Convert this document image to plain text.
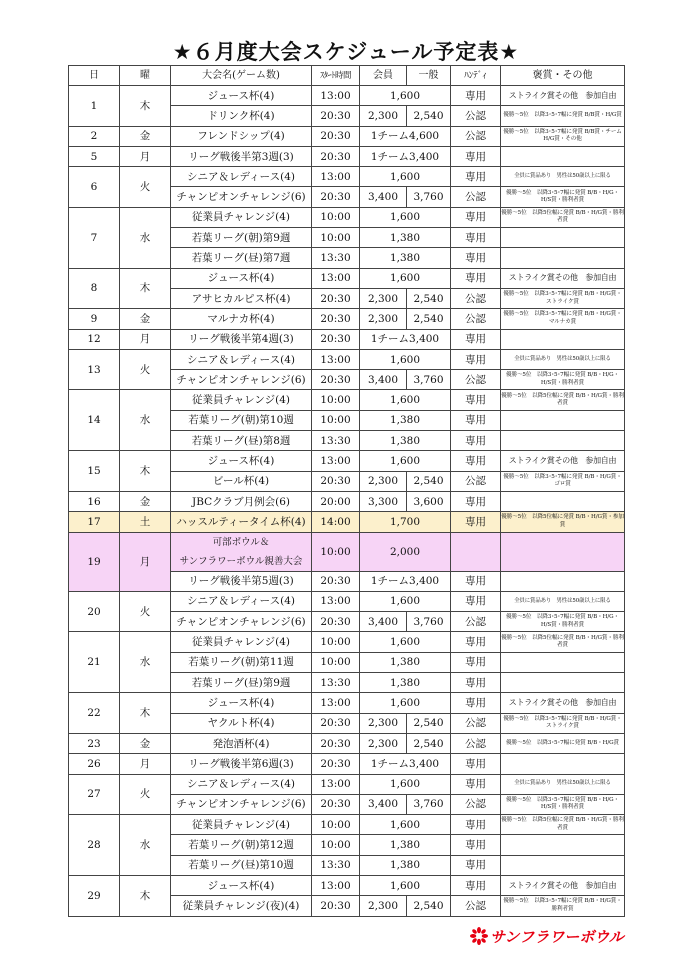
★６月度大会スケジュール予定表★
日	曜	大会名(ゲーム数)	ｽﾀｰﾄ時間	会員	一般	ﾊﾝﾃﾞｨ	褒賞・その他
1	木	ジュース杯(4)	13:00	1,600		専用	ストライク賞その他　参加自由
		ドリンク杯(4)	20:30	2,300	2,540	公認	優勝～5位　以降3･5･7幅に発賞 B/B賞・H/G賞
2	金	フレンドシップ(4)	20:30	1チーム4,600		公認	優勝～5位　以降3･5･7幅に発賞 B/B賞・チームH/G賞・その他
5	月	リーグ戦後半第3週(3)	20:30	1チーム3,400		専用	
6	火	シニア＆レディース(4)	13:00	1,600		専用	全員に賞品あり　男性は50歳以上に限る
		チャンピオンチャレンジ(6)	20:30	3,400	3,760	公認	優勝～5位　以降3･5･7幅に発賞 B/B・H/G・H/S賞・勝利者賞
7	水	従業員チャレンジ(4)	10:00	1,600		専用	優勝～5位　以降5位幅に発賞 B/B・H/G賞・勝利者賞
		若葉リーグ(朝)第9週	10:00	1,380		専用	
		若葉リーグ(昼)第7週	13:30	1,380		専用	
8	木	ジュース杯(4)	13:00	1,600		専用	ストライク賞その他　参加自由
		アサヒカルピス杯(4)	20:30	2,300	2,540	公認	優勝～5位　以降3･5･7幅に発賞 B/B・H/G賞・ストライク賞
9	金	マルナカ杯(4)	20:30	2,300	2,540	公認	優勝～5位　以降3･5･7幅に発賞 B/B・H/G賞・マルナカ賞
12	月	リーグ戦後半第4週(3)	20:30	1チーム3,400		専用	
13	火	シニア＆レディース(4)	13:00	1,600		専用	全員に賞品あり　男性は50歳以上に限る
		チャンピオンチャレンジ(6)	20:30	3,400	3,760	公認	優勝～5位　以降3･5･7幅に発賞 B/B・H/G・H/S賞・勝利者賞
14	水	従業員チャレンジ(4)	10:00	1,600		専用	優勝～5位　以降5位幅に発賞 B/B・H/G賞・勝利者賞
		若葉リーグ(朝)第10週	10:00	1,380		専用	
		若葉リーグ(昼)第8週	13:30	1,380		専用	
15	木	ジュース杯(4)	13:00	1,600		専用	ストライク賞その他　参加自由
		ビール杯(4)	20:30	2,300	2,540	公認	優勝～5位　以降3･5･7幅に発賞 B/B・H/G賞・ゴロ賞
16	金	JBCクラブ月例会(6)	20:00	3,300	3,600	専用	
17	土	ハッスルティータイム杯(4)	14:00	1,700		専用	優勝～5位　以降5位幅に発賞 B/B・H/G賞・参加賞
19	月	可部ボウル＆
サンフラワーボウル親善大会	10:00	2,000			
		リーグ戦後半第5週(3)	20:30	1チーム3,400		専用	
20	火	シニア＆レディース(4)	13:00	1,600		専用	全員に賞品あり　男性は50歳以上に限る
		チャンピオンチャレンジ(6)	20:30	3,400	3,760	公認	優勝～5位　以降3･5･7幅に発賞 B/B・H/G・H/S賞・勝利者賞
21	水	従業員チャレンジ(4)	10:00	1,600		専用	優勝～5位　以降5位幅に発賞 B/B・H/G賞・勝利者賞
		若葉リーグ(朝)第11週	10:00	1,380		専用	
		若葉リーグ(昼)第9週	13:30	1,380		専用	
22	木	ジュース杯(4)	13:00	1,600		専用	ストライク賞その他　参加自由
		ヤクルト杯(4)	20:30	2,300	2,540	公認	優勝～5位　以降3･5･7幅に発賞 B/B・H/G賞・ストライク賞
23	金	発泡酒杯(4)	20:30	2,300	2,540	公認	優勝～5位　以降3･5･7幅に発賞 B/B・H/G賞
26	月	リーグ戦後半第6週(3)	20:30	1チーム3,400		専用	
27	火	シニア＆レディース(4)	13:00	1,600		専用	全員に賞品あり　男性は50歳以上に限る
		チャンピオンチャレンジ(6)	20:30	3,400	3,760	公認	優勝～5位　以降3･5･7幅に発賞 B/B・H/G・H/S賞・勝利者賞
28	水	従業員チャレンジ(4)	10:00	1,600		専用	優勝～5位　以降5位幅に発賞 B/B・H/G賞・勝利者賞
		若葉リーグ(朝)第12週	10:00	1,380		専用	
		若葉リーグ(昼)第10週	13:30	1,380		専用	
29	木	ジュース杯(4)	13:00	1,600		専用	ストライク賞その他　参加自由
		従業員チャレンジ(夜)(4)	20:30	2,300	2,540	公認	優勝～5位　以降3･5･7幅に発賞 B/B・H/G賞・勝利者賞
サンフラワーボウル
